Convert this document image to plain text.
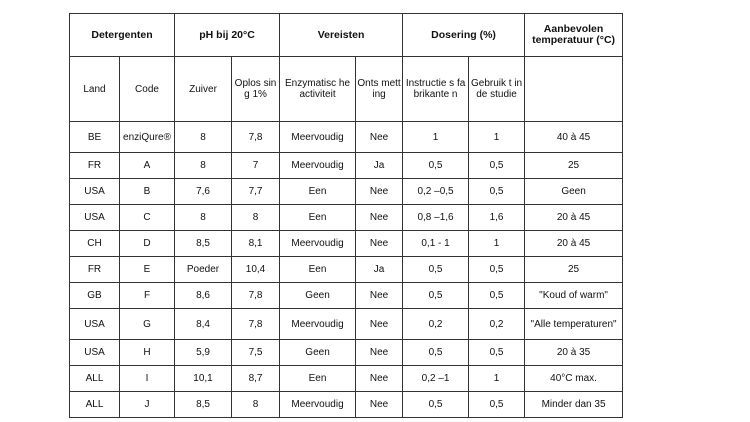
Detergenten		pH bij 20°C		Vereisten		Dosering (%)		Aanbevolen temperatuur (°C)
Land	Code	Zuiver	Oplos sing 1%	Enzymatisc he activiteit	Onts metting	Instructie s fabrikante n	Gebruik t in de studie	
BE	enziQure®	8	7,8	Meervoudig	Nee	1	1	40 à 45
FR	A	8	7	Meervoudig	Ja	0,5	0,5	25
USA	B	7,6	7,7	Een	Nee	0,2 –0,5	0,5	Geen
USA	C	8	8	Een	Nee	0,8 –1,6	1,6	20 à 45
CH	D	8,5	8,1	Meervoudig	Nee	0,1 - 1	1	20 à 45
FR	E	Poeder	10,4	Een	Ja	0,5	0,5	25
GB	F	8,6	7,8	Geen	Nee	0,5	0,5	"Koud of warm"
USA	G	8,4	7,8	Meervoudig	Nee	0,2	0,2	"Alle temperaturen"
USA	H	5,9	7,5	Geen	Nee	0,5	0,5	20 à 35
ALL	I	10,1	8,7	Een	Nee	0,2 –1	1	40°C max.
ALL	J	8,5	8	Meervoudig	Nee	0,5	0,5	Minder dan 35
